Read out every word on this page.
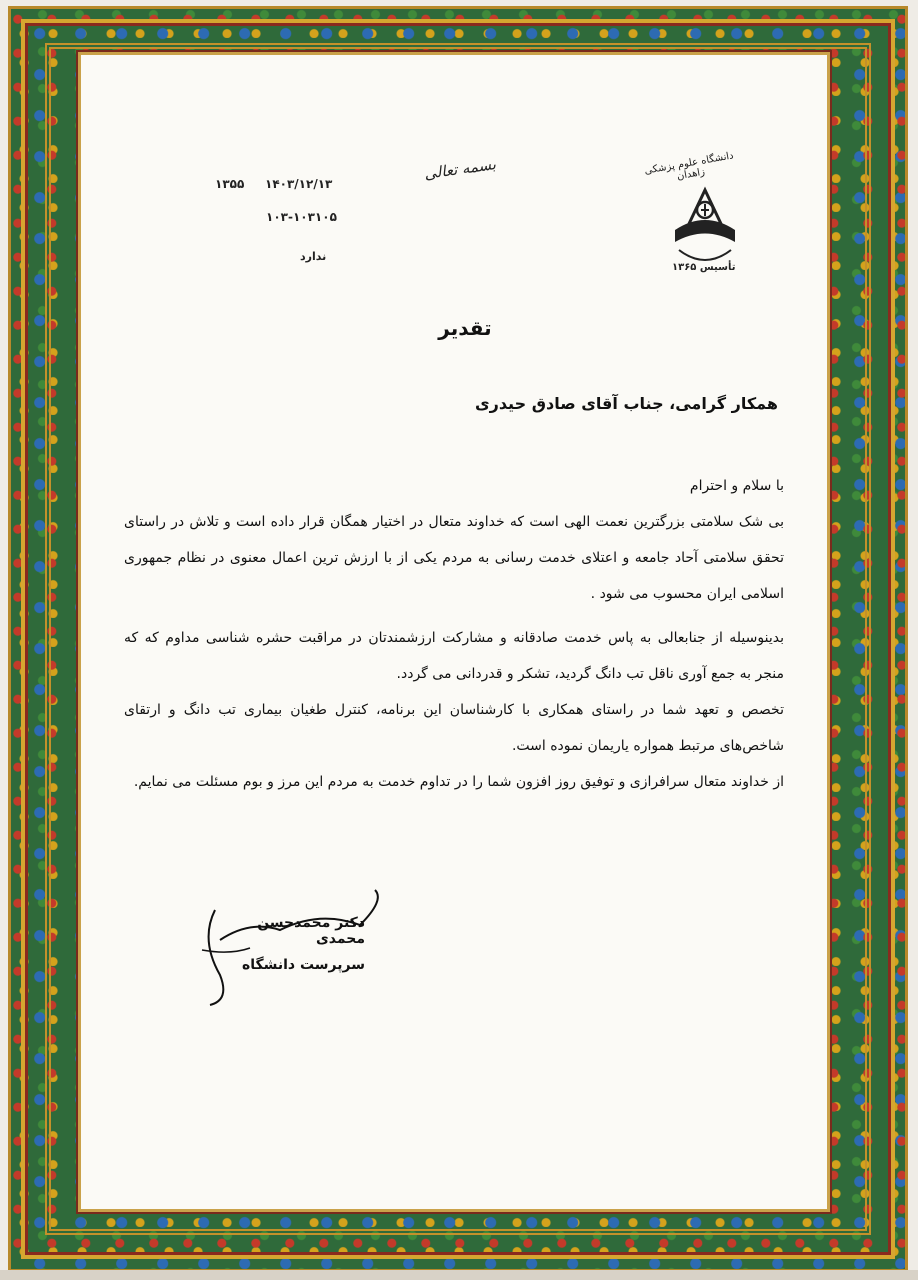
دانشگاه علوم پزشکی زاهدان
تأسیس ۱۳۶۵
بسمه تعالی
۱۴۰۳/۱۲/۱۳
۱۳۵۵
۱۰۳-۱۰۳۱۰۵
ندارد
تقدیر
همکار گرامی، جناب آقای صادق حیدری

با سلام و احترام

بی شک سلامتی بزرگترین نعمت الهی است که خداوند متعال در اختیار همگان قرار داده است و تلاش در راستای تحقق سلامتی آحاد جامعه و اعتلای خدمت رسانی به مردم یکی از با ارزش ترین اعمال معنوی در نظام جمهوری اسلامی ایران محسوب می شود .

بدینوسیله از جنابعالی به پاس خدمت صادقانه و مشارکت ارزشمندتان در مراقبت حشره شناسی مداوم که که منجر به جمع آوری ناقل تب دانگ گردید، تشکر و قدردانی می گردد.

تخصص و تعهد شما در راستای همکاری با کارشناسان این برنامه، کنترل طغیان بیماری تب دانگ و ارتقای شاخص‌های مرتبط همواره یاریمان نموده است.

از خداوند متعال سرافرازی و توفیق روز افزون شما را در تداوم خدمت به مردم این مرز و بوم مسئلت می نمایم.

دکتر محمدحسن محمدی
سرپرست دانشگاه
